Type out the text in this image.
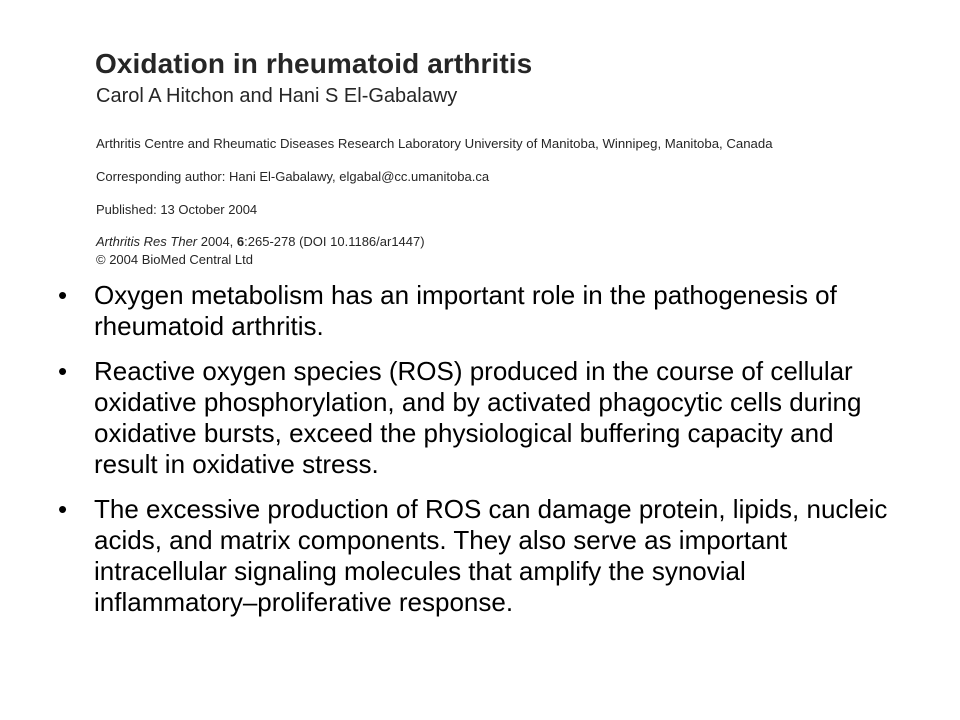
Oxidation in rheumatoid arthritis
Carol A Hitchon and Hani S El-Gabalawy
Arthritis Centre and Rheumatic Diseases Research Laboratory University of Manitoba, Winnipeg, Manitoba, Canada
Corresponding author: Hani El-Gabalawy, elgabal@cc.umanitoba.ca
Published: 13 October 2004
Arthritis Res Ther 2004, 6:265-278 (DOI 10.1186/ar1447)
© 2004 BioMed Central Ltd
• Oxygen metabolism has an important role in the pathogenesis of rheumatoid arthritis.
• Reactive oxygen species (ROS) produced in the course of cellular oxidative phosphorylation, and by activated phagocytic cells during oxidative bursts, exceed the physiological buffering capacity and result in oxidative stress.
• The excessive production of ROS can damage protein, lipids, nucleic acids, and matrix components. They also serve as important intracellular signaling molecules that amplify the synovial inflammatory–proliferative response.
